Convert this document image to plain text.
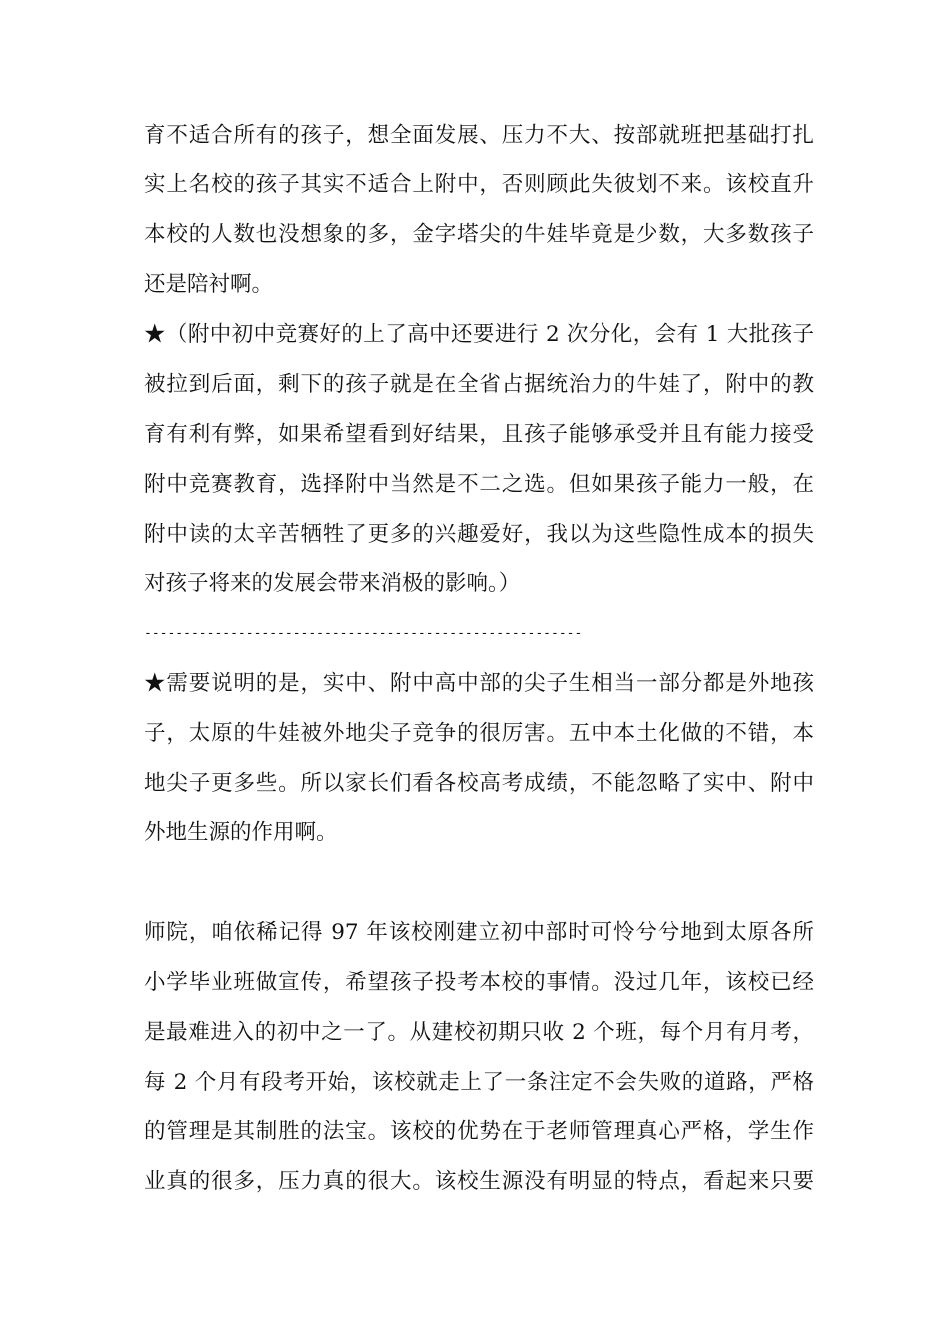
育不适合所有的孩子，想全面发展、压力不大、按部就班把基础打扎

实上名校的孩子其实不适合上附中，否则顾此失彼划不来。该校直升

本校的人数也没想象的多，金字塔尖的牛娃毕竟是少数，大多数孩子

还是陪衬啊。

★（附中初中竞赛好的上了高中还要进行 2 次分化，会有 1 大批孩子

被拉到后面，剩下的孩子就是在全省占据统治力的牛娃了，附中的教

育有利有弊，如果希望看到好结果，且孩子能够承受并且有能力接受

附中竞赛教育，选择附中当然是不二之选。但如果孩子能力一般，在

附中读的太辛苦牺牲了更多的兴趣爱好，我以为这些隐性成本的损失

对孩子将来的发展会带来消极的影响。）

--------------------------------------------------------

★需要说明的是，实中、附中高中部的尖子生相当一部分都是外地孩

子，太原的牛娃被外地尖子竞争的很厉害。五中本土化做的不错，本

地尖子更多些。所以家长们看各校高考成绩，不能忽略了实中、附中

外地生源的作用啊。

师院，咱依稀记得 97 年该校刚建立初中部时可怜兮兮地到太原各所

小学毕业班做宣传，希望孩子投考本校的事情。没过几年，该校已经

是最难进入的初中之一了。从建校初期只收 2 个班，每个月有月考，

每 2 个月有段考开始，该校就走上了一条注定不会失败的道路，严格

的管理是其制胜的法宝。该校的优势在于老师管理真心严格，学生作

业真的很多，压力真的很大。该校生源没有明显的特点，看起来只要
